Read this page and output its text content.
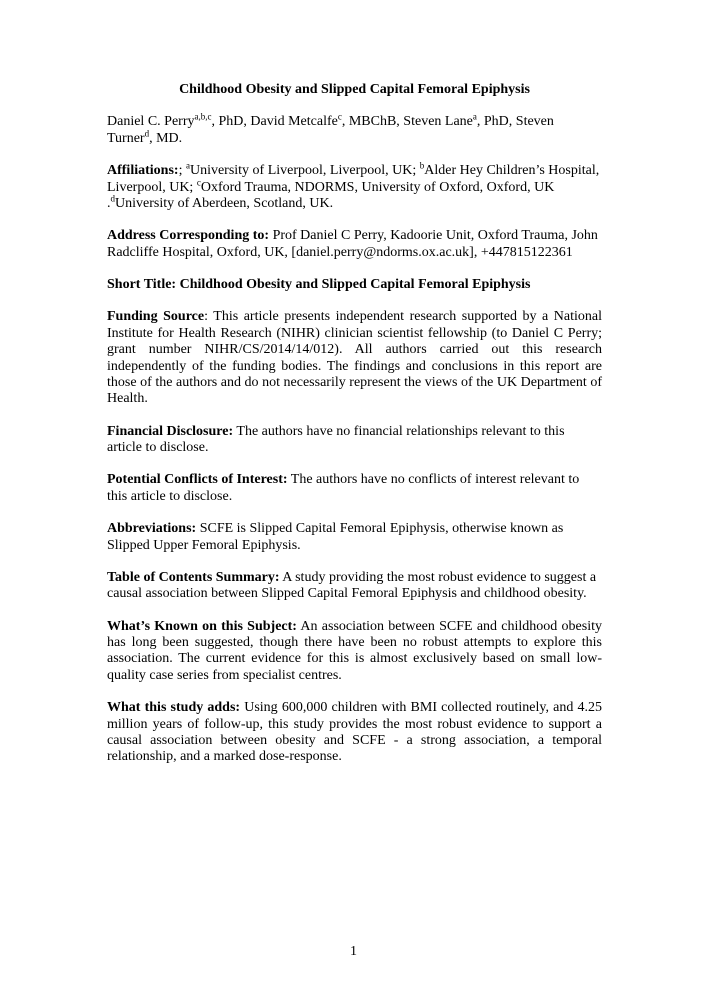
Childhood Obesity and Slipped Capital Femoral Epiphysis

Daniel C. Perry$^{a,b,c}$, PhD, David Metcalfe$^c$, MBChB, Steven Lane$^a$, PhD, Steven Turner$^d$, MD.

Affiliations:; $^a$University of Liverpool, Liverpool, UK; $^b$Alder Hey Children’s Hospital, Liverpool, UK; $^c$Oxford Trauma, NDORMS, University of Oxford, Oxford, UK .$^d$University of Aberdeen, Scotland, UK.

Address Corresponding to: Prof Daniel C Perry, Kadoorie Unit, Oxford Trauma, John Radcliffe Hospital, Oxford, UK, [daniel.perry@ndorms.ox.ac.uk], +447815122361

Short Title: Childhood Obesity and Slipped Capital Femoral Epiphysis

Funding Source: This article presents independent research supported by a National Institute for Health Research (NIHR) clinician scientist fellowship (to Daniel C Perry; grant number NIHR/CS/2014/14/012). All authors carried out this research independently of the funding bodies. The findings and conclusions in this report are those of the authors and do not necessarily represent the views of the UK Department of Health.

Financial Disclosure: The authors have no financial relationships relevant to this article to disclose.

Potential Conflicts of Interest: The authors have no conflicts of interest relevant to this article to disclose.

Abbreviations: SCFE is Slipped Capital Femoral Epiphysis, otherwise known as Slipped Upper Femoral Epiphysis.

Table of Contents Summary: A study providing the most robust evidence to suggest a causal association between Slipped Capital Femoral Epiphysis and childhood obesity.

What’s Known on this Subject: An association between SCFE and childhood obesity has long been suggested, though there have been no robust attempts to explore this association. The current evidence for this is almost exclusively based on small low-quality case series from specialist centres.

What this study adds: Using 600,000 children with BMI collected routinely, and 4.25 million years of follow-up, this study provides the most robust evidence to support a causal association between obesity and SCFE - a strong association, a temporal relationship, and a marked dose-response.

1
